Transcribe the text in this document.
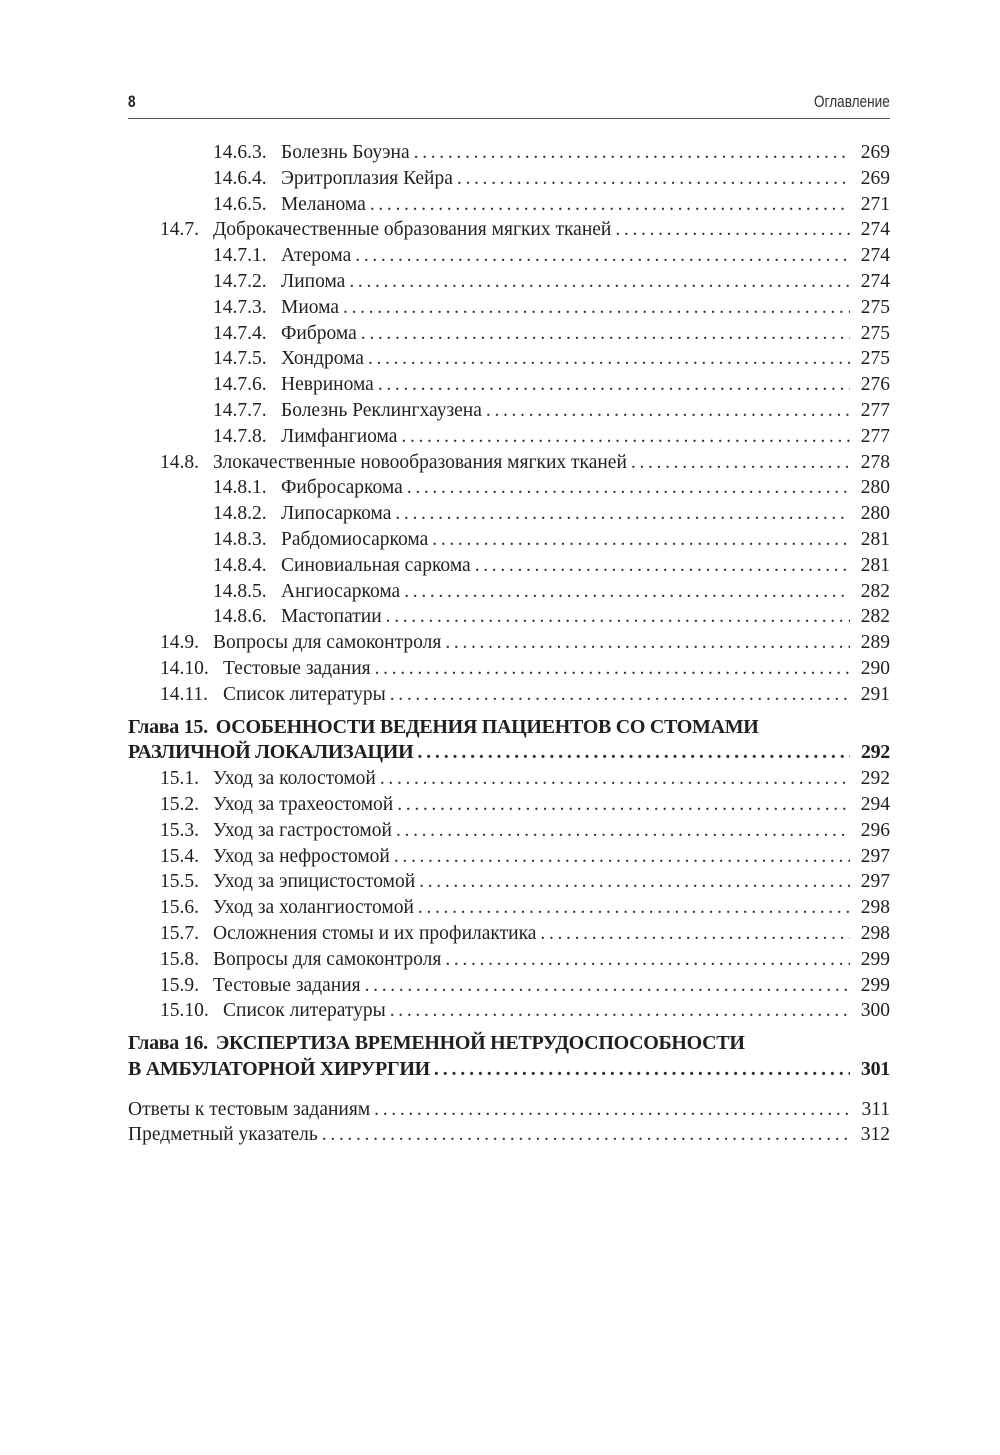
8	Оглавление
14.6.3. Болезнь Боуэна . . .	269
14.6.4. Эритроплазия Кейра . . .	269
14.6.5. Меланома . . .	271
14.7. Доброкачественные образования мягких тканей . . .	274
14.7.1. Атерома . . .	274
14.7.2. Липома . . .	274
14.7.3. Миома . . .	275
14.7.4. Фиброма . . .	275
14.7.5. Хондрома . . .	275
14.7.6. Невринома . . .	276
14.7.7. Болезнь Реклингхаузена . . .	277
14.7.8. Лимфангиома . . .	277
14.8. Злокачественные новообразования мягких тканей . . .	278
14.8.1. Фибросаркома . . .	280
14.8.2. Липосаркома . . .	280
14.8.3. Рабдомиосаркома . . .	281
14.8.4. Синовиальная саркома . . .	281
14.8.5. Ангиосаркома . . .	282
14.8.6. Мастопатии . . .	282
14.9. Вопросы для самоконтроля . . .	289
14.10. Тестовые задания . . .	290
14.11. Список литературы . . .	291
Глава 15. ОСОБЕННОСТИ ВЕДЕНИЯ ПАЦИЕНТОВ СО СТОМАМИ
РАЗЛИЧНОЙ ЛОКАЛИЗАЦИИ . . .	292
15.1. Уход за колостомой . . .	292
15.2. Уход за трахеостомой . . .	294
15.3. Уход за гастростомой . . .	296
15.4. Уход за нефростомой . . .	297
15.5. Уход за эпицистостомой . . .	297
15.6. Уход за холангиостомой . . .	298
15.7. Осложнения стомы и их профилактика . . .	298
15.8. Вопросы для самоконтроля . . .	299
15.9. Тестовые задания . . .	299
15.10. Список литературы . . .	300
Глава 16. ЭКСПЕРТИЗА ВРЕМЕННОЙ НЕТРУДОСПОСОБНОСТИ
В АМБУЛАТОРНОЙ ХИРУРГИИ . . .	301
Ответы к тестовым заданиям . . .	311
Предметный указатель . . .	312
